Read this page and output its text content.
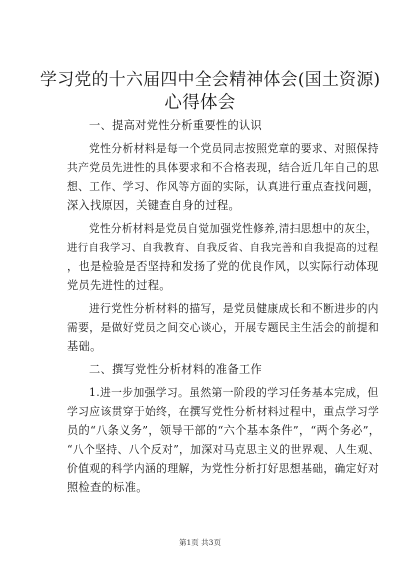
学习党的十六届四中全会精神体会(国土资源)
心得体会
一、提高对党性分析重要性的认识
党性分析材料是每一个党员同志按照党章的要求、对照保持
共产党员先进性的具体要求和不合格表现，结合近几年自己的思
想、工作、学习、作风等方面的实际，认真进行重点查找问题，
深入找原因，关键查自身的过程。
党性分析材料是党员自觉加强党性修养,清扫思想中的灰尘，
进行自我学习、自我教育、自我反省、自我完善和自我提高的过程
，也是检验是否坚持和发扬了党的优良作风，以实际行动体现
党员先进性的过程。
进行党性分析材料的描写，是党员健康成长和不断进步的内
需要，是做好党员之间交心谈心，开展专题民主生活会的前提和
基础。
二、撰写党性分析材料的准备工作
1.进一步加强学习。虽然第一阶段的学习任务基本完成，但
学习应该贯穿于始终，在撰写党性分析材料过程中，重点学习学
员的“八条义务”，领导干部的“六个基本条件”，“两个务必”，
“八个坚持、八个反对”，加深对马克思主义的世界观、人生观、
价值观的科学内涵的理解，为党性分析打好思想基础，确定好对
照检查的标准。
第1页 共3页
